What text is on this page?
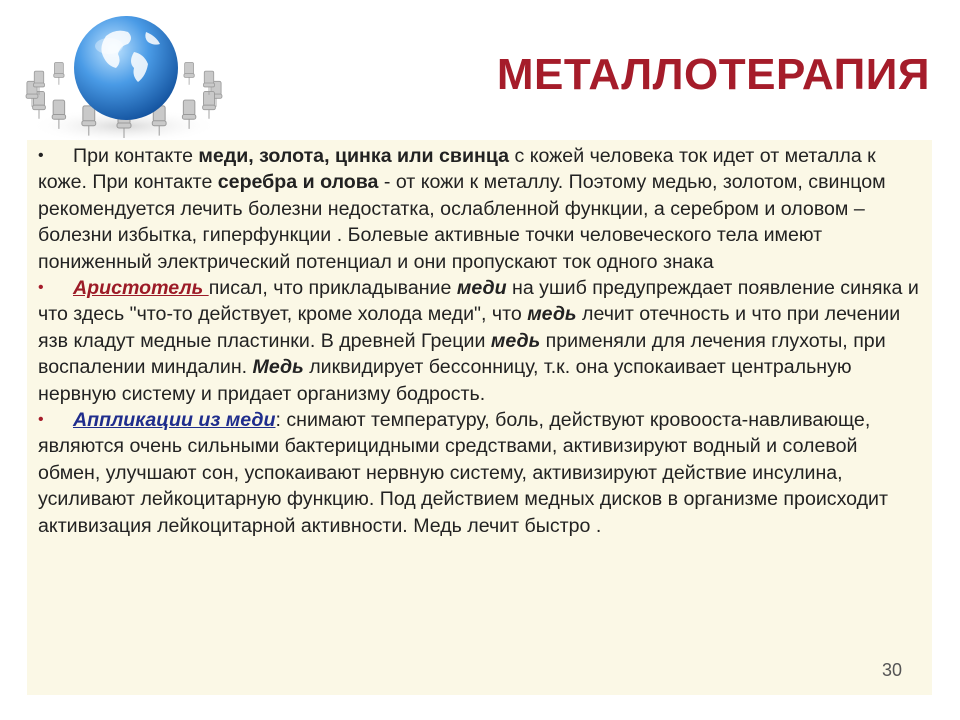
МЕТАЛЛОТЕРАПИЯ

• При контакте меди, золота, цинка или свинца с кожей человека ток идет от металла к коже. При контакте серебра и олова - от кожи к металлу. Поэтому медью, золотом, свинцом рекомендуется лечить болезни недостатка, ослабленной функции, а серебром и оловом – болезни избытка, гиперфункции . Болевые активные точки человеческого тела имеют пониженный электрический потенциал и они пропускают ток одного знака

• Аристотель писал, что прикладывание меди на ушиб предупреждает появление синяка и что здесь "что-то действует, кроме холода меди", что медь лечит отечность и что при лечении язв кладут медные пластинки. В древней Греции медь применяли для лечения глухоты, при воспалении миндалин. Медь ликвидирует бессонницу, т.к. она успокаивает центральную нервную систему и придает организму бодрость.

• Аппликации из меди: снимают температуру, боль, действуют кровооста-навливающе, являются очень сильными бактерицидными средствами, активизируют водный и солевой обмен, улучшают сон, успокаивают нервную систему, активизируют действие инсулина, усиливают лейкоцитарную функцию. Под действием медных дисков в организме происходит активизация лейкоцитарной активности. Медь лечит быстро .

30
